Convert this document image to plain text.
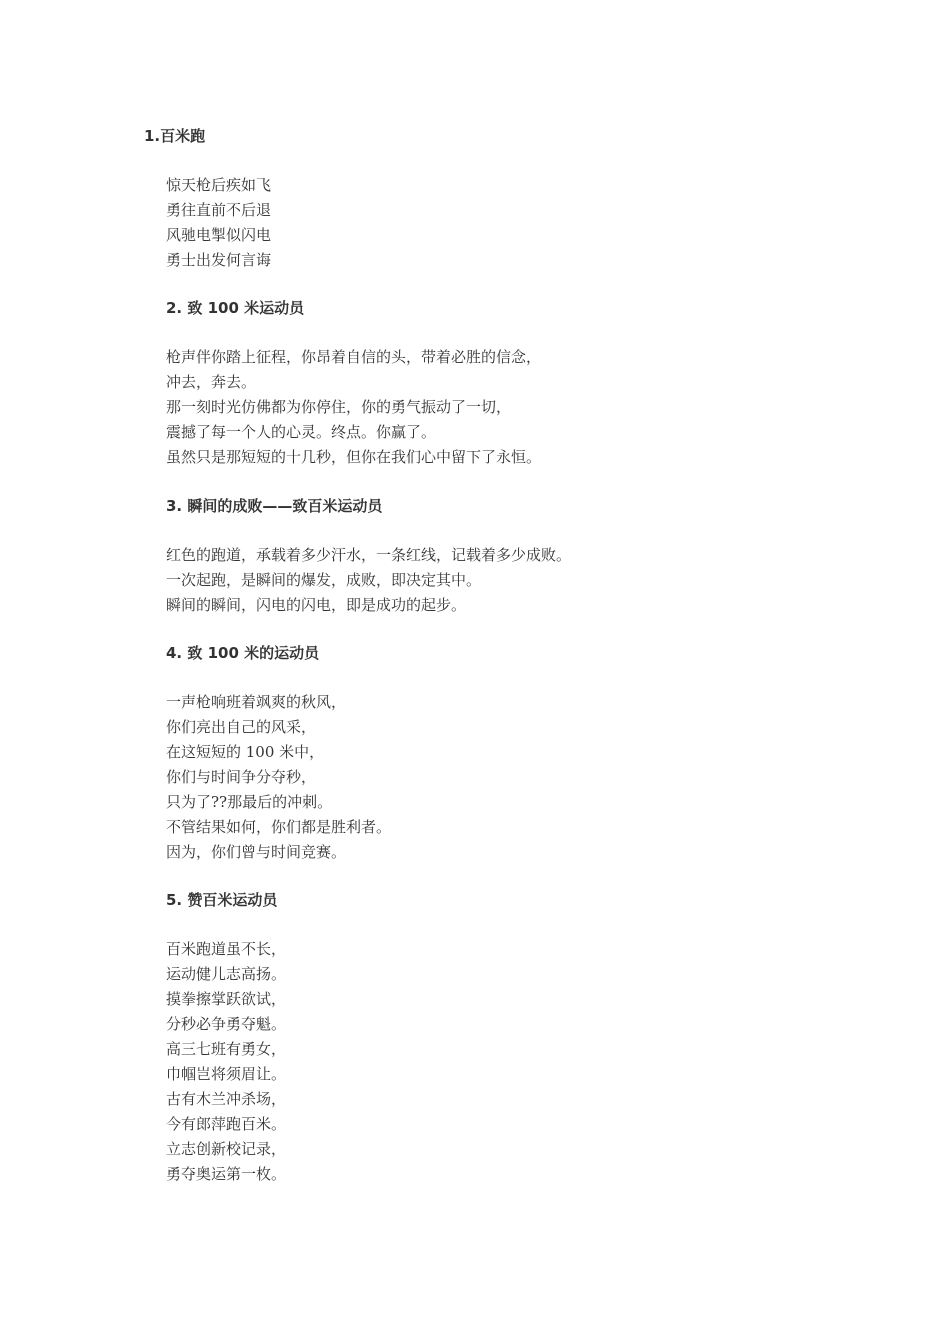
1.百米跑
惊天枪后疾如飞
勇往直前不后退
风驰电掣似闪电
勇士出发何言诲
2. 致 100 米运动员
枪声伴你踏上征程，你昂着自信的头，带着必胜的信念，
冲去，奔去。
那一刻时光仿佛都为你停住，你的勇气振动了一切，
震撼了每一个人的心灵。终点。你赢了。
虽然只是那短短的十几秒，但你在我们心中留下了永恒。
3. 瞬间的成败——致百米运动员
红色的跑道，承载着多少汗水，一条红线，记载着多少成败。
一次起跑，是瞬间的爆发，成败，即决定其中。
瞬间的瞬间，闪电的闪电，即是成功的起步。
4. 致 100 米的运动员
一声枪响班着飒爽的秋风，
你们亮出自己的风采，
在这短短的 100 米中，
你们与时间争分夺秒，
只为了??那最后的冲刺。
不管结果如何，你们都是胜利者。
因为，你们曾与时间竞赛。
5. 赞百米运动员
百米跑道虽不长，
运动健儿志高扬。
摸拳擦掌跃欲试，
分秒必争勇夺魁。
高三七班有勇女，
巾帼岂将须眉让。
古有木兰冲杀场，
今有郎萍跑百米。
立志创新校记录，
勇夺奥运第一枚。
